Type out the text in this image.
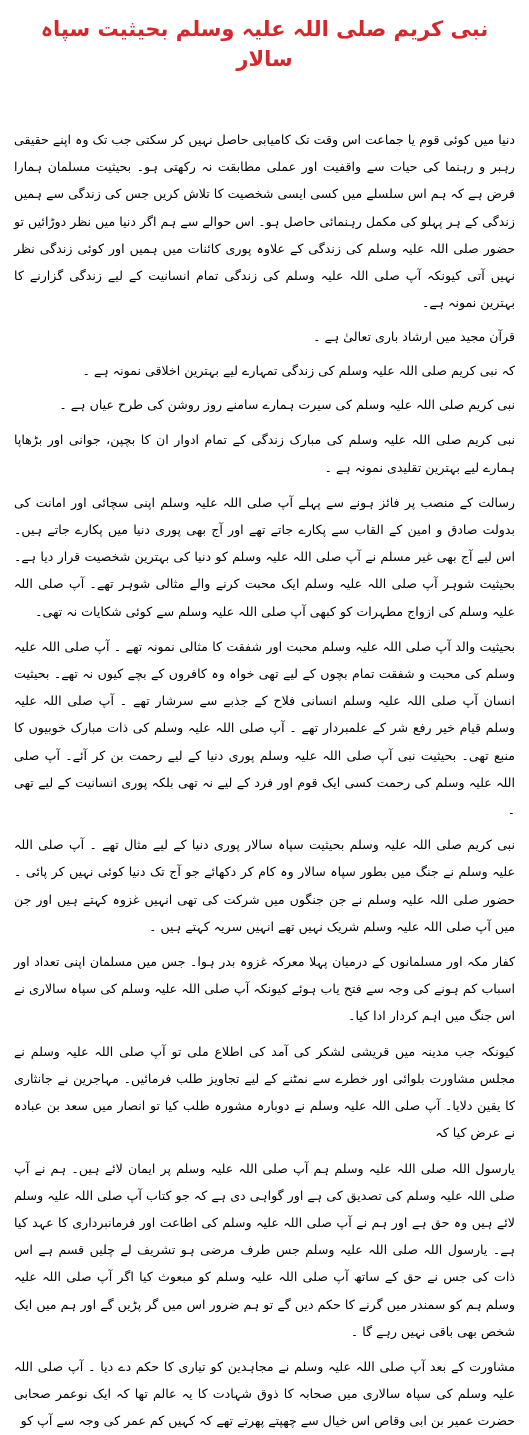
نبی کریم صلی اللہ علیہ وسلم بحیثیت سپاہ سالار

دنیا میں کوئی قوم یا جماعت اس وقت تک کامیابی حاصل نہیں کر سکتی جب تک وہ اپنے حقیقی رہبر و رہنما کی حیات سے واقفیت اور عملی مطابقت نہ رکھتی ہو۔ بحیثیت مسلمان ہمارا فرض ہے کہ ہم اس سلسلے میں کسی ایسی شخصیت کا تلاش کریں جس کی زندگی سے ہمیں زندگی کے ہر پہلو کی مکمل رہنمائی حاصل ہو۔ اس حوالے سے ہم اگر دنیا میں نظر دوڑائیں تو حضور صلی اللہ علیہ وسلم کی زندگی کے علاوہ پوری کائنات میں ہمیں اور کوئی زندگی نظر نہیں آتی کیونکہ آپ صلی اللہ علیہ وسلم کی زندگی تمام انسانیت کے لیے زندگی گزارنے کا بہترین نمونہ ہے۔

قرآن مجید میں ارشاد باری تعالیٰ ہے ۔

کہ نبی کریم صلی اللہ علیہ وسلم کی زندگی تمہارے لیے بہترین اخلاقی نمونہ ہے ۔

نبی کریم صلی اللہ علیہ وسلم کی سیرت ہمارے سامنے روز روشن کی طرح عیاں ہے ۔

نبی کریم صلی اللہ علیہ وسلم کی مبارک زندگی کے تمام ادوار ان کا بچپن، جوانی اور بڑھاپا ہمارے لیے بہترین تقلیدی نمونہ ہے ۔

رسالت کے منصب پر فائز ہونے سے پہلے آپ صلی اللہ علیہ وسلم اپنی سچائی اور امانت کی بدولت صادق و امین کے القاب سے پکارے جاتے تھے اور آج بھی پوری دنیا میں پکارے جاتے ہیں۔ اس لیے آج بھی غیر مسلم نے آپ صلی اللہ علیہ وسلم کو دنیا کی بہترین شخصیت قرار دیا ہے۔ بحیثیت شوہر آپ صلی اللہ علیہ وسلم ایک محبت کرنے والے مثالی شوہر تھے۔ آپ صلی اللہ علیہ وسلم کی ازواج مطہرات کو کبھی آپ صلی اللہ علیہ وسلم سے کوئی شکایات نہ تھی۔

بحیثیت والد آپ صلی اللہ علیہ وسلم محبت اور شفقت کا مثالی نمونہ تھے ۔ آپ صلی اللہ علیہ وسلم کی محبت و شفقت تمام بچوں کے لیے تھی خواہ وہ کافروں کے بچے کیوں نہ تھے۔ بحیثیت انسان آپ صلی اللہ علیہ وسلم انسانی فلاح کے جذبے سے سرشار تھے ۔ آپ صلی اللہ علیہ وسلم قیام خیر رفع شر کے علمبردار تھے ۔ آپ صلی اللہ علیہ وسلم کی ذات مبارک خوبیوں کا منبع تھی۔ بحیثیت نبی آپ صلی اللہ علیہ وسلم پوری دنیا کے لیے رحمت بن کر آئے۔ آپ صلی اللہ علیہ وسلم کی رحمت کسی ایک قوم اور فرد کے لیے نہ تھی بلکہ پوری انسانیت کے لیے تھی ۔

نبی کریم صلی اللہ علیہ وسلم بحیثیت سپاہ سالار پوری دنیا کے لیے مثال تھے ۔ آپ صلی اللہ علیہ وسلم نے جنگ میں بطور سپاہ سالار وہ کام کر دکھائے جو آج تک دنیا کوئی نہیں کر پائی ۔ حضور صلی اللہ علیہ وسلم نے جن جنگوں میں شرکت کی تھی انہیں غزوہ کہتے ہیں اور جن میں آپ صلی اللہ علیہ وسلم شریک نہیں تھے انہیں سریہ کہتے ہیں ۔

کفار مکہ اور مسلمانوں کے درمیان پہلا معرکہ غزوہ بدر ہوا۔ جس میں مسلمان اپنی تعداد اور اسباب کم ہونے کی وجہ سے فتح یاب ہوئے کیونکہ آپ صلی اللہ علیہ وسلم کی سپاہ سالاری نے اس جنگ میں اہم کردار ادا کیا۔

کیونکہ جب مدینہ میں قریشی لشکر کی آمد کی اطلاع ملی تو آپ صلی اللہ علیہ وسلم نے مجلس مشاورت بلوائی اور خطرے سے نمٹنے کے لیے تجاویز طلب فرمائیں۔ مہاجرین نے جانثاری کا یقین دلایا۔ آپ صلی اللہ علیہ وسلم نے دوبارہ مشورہ طلب کیا تو انصار میں سعد بن عبادہ نے عرض کیا کہ

یارسول اللہ صلی اللہ علیہ وسلم ہم آپ صلی اللہ علیہ وسلم پر ایمان لائے ہیں۔ ہم نے آپ صلی اللہ علیہ وسلم کی تصدیق کی ہے اور گواہی دی ہے کہ جو کتاب آپ صلی اللہ علیہ وسلم لائے ہیں وہ حق ہے اور ہم نے آپ صلی اللہ علیہ وسلم کی اطاعت اور فرمانبرداری کا عہد کیا ہے۔ یارسول اللہ صلی اللہ علیہ وسلم جس طرف مرضی ہو تشریف لے چلیں قسم ہے اس ذات کی جس نے حق کے ساتھ آپ صلی اللہ علیہ وسلم کو مبعوث کیا اگر آپ صلی اللہ علیہ وسلم ہم کو سمندر میں گرنے کا حکم دیں گے تو ہم ضرور اس میں گر پڑیں گے اور ہم میں ایک شخص بھی باقی نہیں رہے گا ۔

مشاورت کے بعد آپ صلی اللہ علیہ وسلم نے مجاہدین کو تیاری کا حکم دے دیا ۔ آپ صلی اللہ علیہ وسلم کی سپاہ سالاری میں صحابہ کا ذوق شہادت کا یہ عالم تھا کہ ایک نوعمر صحابی حضرت عمیر بن ابی وقاص اس خیال سے چھپتے پھرتے تھے کہ کہیں کم عمر کی وجہ سے آپ کو
